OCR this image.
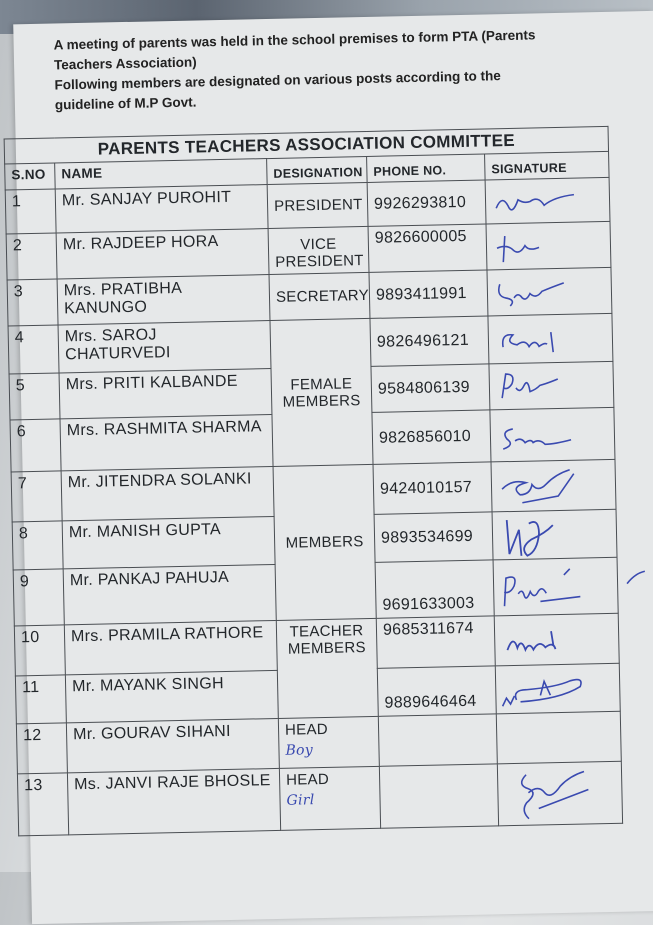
A meeting of parents was held in the school premises to form PTA (Parents
Teachers Association)
Following members are designated on various posts according to the
guideline of M.P Govt.
PARENTS TEACHERS ASSOCIATION COMMITTEE				
S.NO	NAME	DESIGNATION	PHONE NO.	SIGNATURE
1	Mr. SANJAY PUROHIT	PRESIDENT	9926293810	

2	Mr. RAJDEEP HORA	VICE PRESIDENT	9826600005	

3	Mrs. PRATIBHA KANUNGO	SECRETARY	9893411991	

4	Mrs. SAROJ CHATURVEDI	FEMALE MEMBERS	9826496121	

5	Mrs. PRITI KALBANDE		9584806139	

6	Mrs. RASHMITA SHARMA		9826856010	

7	Mr. JITENDRA SOLANKI	MEMBERS	9424010157	

8	Mr. MANISH GUPTA		9893534699	

9	Mr. PANKAJ PAHUJA		9691633003	

10	Mrs. PRAMILA RATHORE	TEACHER MEMBERS	9685311674	

11	Mr. MAYANK SINGH		9889646464	

12	Mr. GOURAV SIHANI	HEAD
Boy		

13	Ms. JANVI RAJE BHOSLE	HEAD
Girl
